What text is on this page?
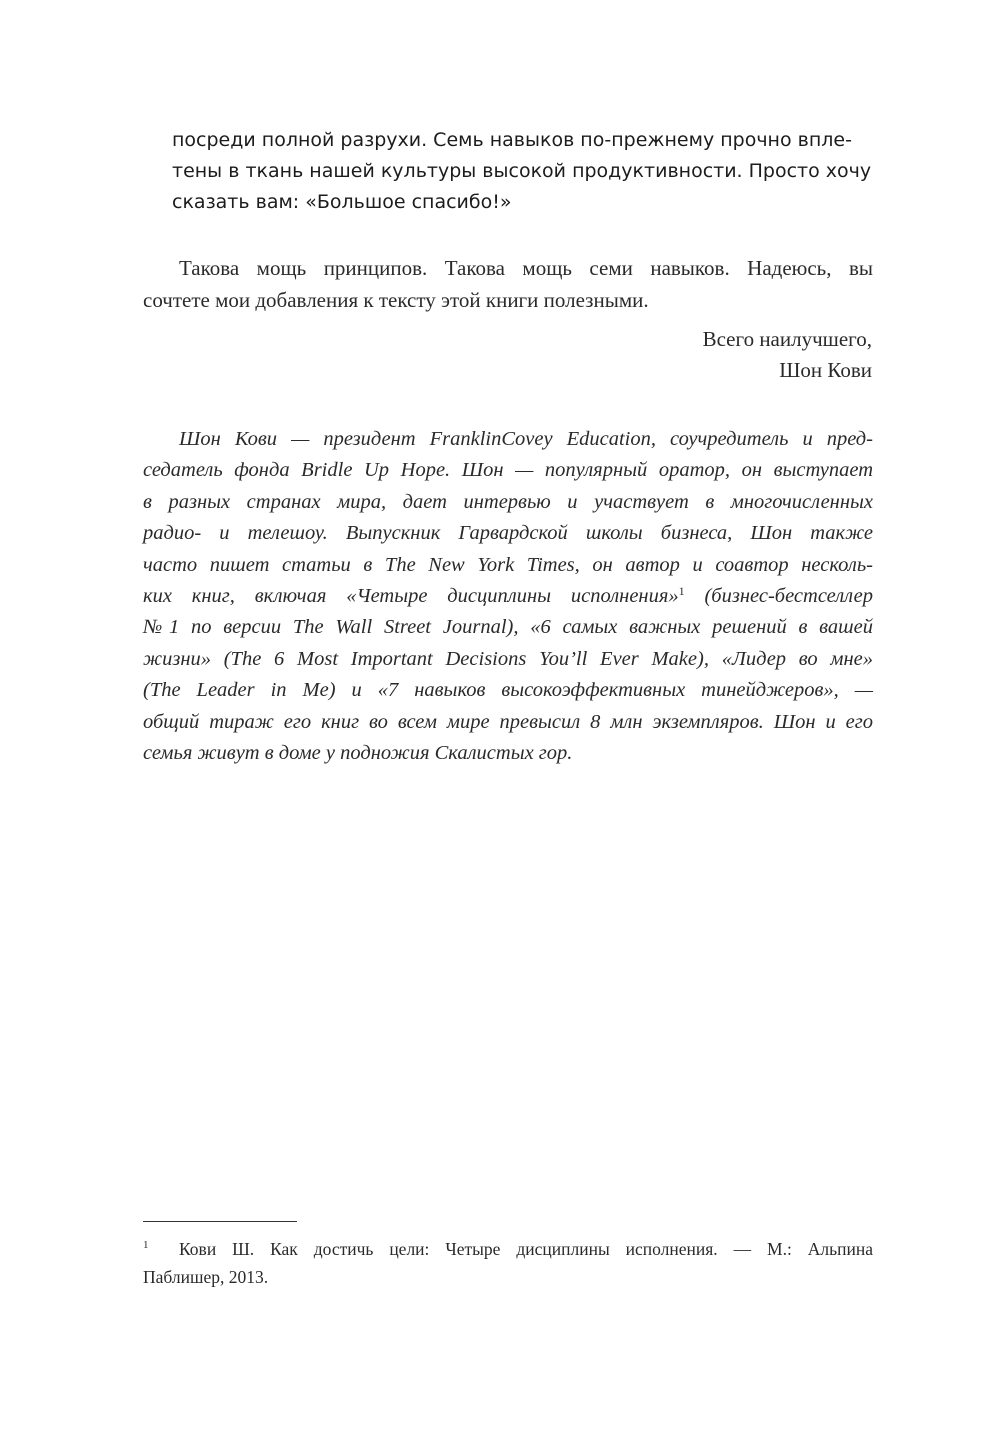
посреди полной разрухи. Семь навыков по-прежнему прочно впле-
тены в ткань нашей культуры высокой продуктивности. Просто хочу
сказать вам: «Большое спасибо!»
Такова мощь принципов. Такова мощь семи навыков. Надеюсь, вы
сочтете мои добавления к тексту этой книги полезными.
Всего наилучшего,
Шон Кови
Шон Кови — президент FranklinCovey Education, соучредитель и пред-
седатель фонда Bridle Up Hope. Шон — популярный оратор, он выступает
в разных странах мира, дает интервью и участвует в многочисленных
радио- и телешоу. Выпускник Гарвардской школы бизнеса, Шон также
часто пишет статьи в The New York Times, он автор и соавтор несколь-
ких книг, включая «Четыре дисциплины исполнения»$^1$ (бизнес-бестселлер
№1 по версии The Wall Street Journal), «6 самых важных решений в вашей
жизни» (The 6 Most Important Decisions You’ll Ever Make), «Лидер во мне»
(The Leader in Me) и «7 навыков высокоэффективных тинейджеров», —
общий тираж его книг во всем мире превысил 8 млн экземпляров. Шон и его
семья живут в доме у подножия Скалистых гор.
1 Кови Ш. Как достичь цели: Четыре дисциплины исполнения. — М.: Альпина
Паблишер, 2013.
